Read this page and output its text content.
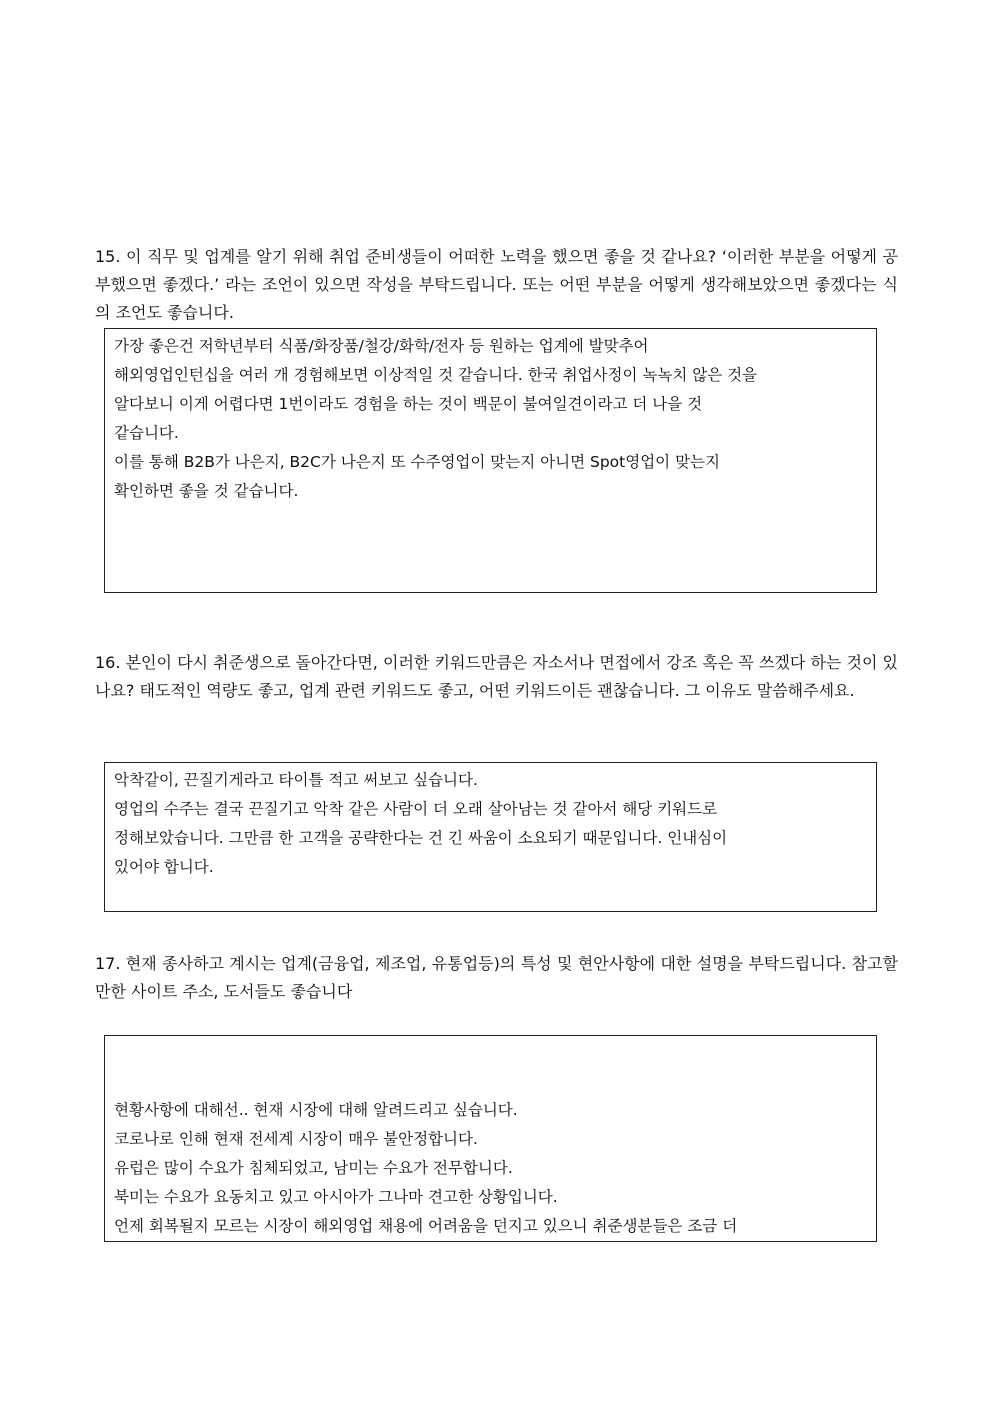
15. 이 직무 및 업계를 알기 위해 취업 준비생들이 어떠한 노력을 했으면 좋을 것 같나요? ‘이러한 부분을 어떻게 공부했으면 좋겠다.’ 라는 조언이 있으면 작성을 부탁드립니다. 또는 어떤 부분을 어떻게 생각해보았으면 좋겠다는 식의 조언도 좋습니다.

가장 좋은건 저학년부터 식품/화장품/철강/화학/전자 등 원하는 업계에 발맞추어

해외영업인턴십을 여러 개 경험해보면 이상적일 것 같습니다. 한국 취업사정이 녹녹치 않은 것을

알다보니 이게 어렵다면 1번이라도 경험을 하는 것이 백문이 불여일견이라고 더 나을 것

같습니다.

이를 통해 B2B가 나은지, B2C가 나은지 또 수주영업이 맞는지 아니면 Spot영업이 맞는지

확인하면 좋을 것 같습니다.

16. 본인이 다시 취준생으로 돌아간다면, 이러한 키워드만큼은 자소서나 면접에서 강조 혹은 꼭 쓰겠다 하는 것이 있나요? 태도적인 역량도 좋고, 업계 관련 키워드도 좋고, 어떤 키워드이든 괜찮습니다. 그 이유도 말씀해주세요.

악착같이, 끈질기게라고 타이틀 적고 써보고 싶습니다.

영업의 수주는 결국 끈질기고 악착 같은 사람이 더 오래 살아남는 것 같아서 해당 키워드로

정해보았습니다. 그만큼 한 고객을 공략한다는 건 긴 싸움이 소요되기 때문입니다. 인내심이

있어야 합니다.

17. 현재 종사하고 계시는 업계(금융업, 제조업, 유통업등)의 특성 및 현안사항에 대한 설명을 부탁드립니다. 참고할만한 사이트 주소, 도서들도 좋습니다

현황사항에 대해선.. 현재 시장에 대해 알려드리고 싶습니다.

코로나로 인해 현재 전세계 시장이 매우 불안정합니다.

유럽은 많이 수요가 침체되었고, 남미는 수요가 전무합니다.

북미는 수요가 요동치고 있고 아시아가 그나마 견고한 상황입니다.

언제 회복될지 모르는 시장이 해외영업 채용에 어려움을 던지고 있으니 취준생분들은 조금 더
